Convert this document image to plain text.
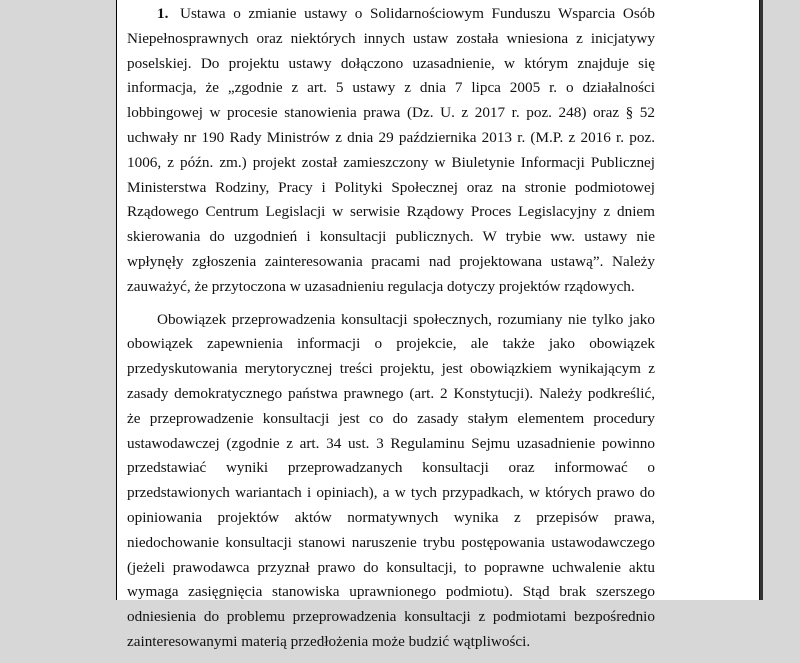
1. Ustawa o zmianie ustawy o Solidarnościowym Funduszu Wsparcia Osób Niepełnosprawnych oraz niektórych innych ustaw została wniesiona z inicjatywy poselskiej. Do projektu ustawy dołączono uzasadnienie, w którym znajduje się informacja, że „zgodnie z art. 5 ustawy z dnia 7 lipca 2005 r. o działalności lobbingowej w procesie stanowienia prawa (Dz. U. z 2017 r. poz. 248) oraz § 52 uchwały nr 190 Rady Ministrów z dnia 29 października 2013 r. (M.P. z 2016 r. poz. 1006, z późn. zm.) projekt został zamieszczony w Biuletynie Informacji Publicznej Ministerstwa Rodziny, Pracy i Polityki Społecznej oraz na stronie podmiotowej Rządowego Centrum Legislacji w serwisie Rządowy Proces Legislacyjny z dniem skierowania do uzgodnień i konsultacji publicznych. W trybie ww. ustawy nie wpłynęły zgłoszenia zainteresowania pracami nad projektowana ustawą”. Należy zauważyć, że przytoczona w uzasadnieniu regulacja dotyczy projektów rządowych.

Obowiązek przeprowadzenia konsultacji społecznych, rozumiany nie tylko jako obowiązek zapewnienia informacji o projekcie, ale także jako obowiązek przedyskutowania merytorycznej treści projektu, jest obowiązkiem wynikającym z zasady demokratycznego państwa prawnego (art. 2 Konstytucji). Należy podkreślić, że przeprowadzenie konsultacji jest co do zasady stałym elementem procedury ustawodawczej (zgodnie z art. 34 ust. 3 Regulaminu Sejmu uzasadnienie powinno przedstawiać wyniki przeprowadzanych konsultacji oraz informować o przedstawionych wariantach i opiniach), a w tych przypadkach, w których prawo do opiniowania projektów aktów normatywnych wynika z przepisów prawa, niedochowanie konsultacji stanowi naruszenie trybu postępowania ustawodawczego (jeżeli prawodawca przyznał prawo do konsultacji, to poprawne uchwalenie aktu wymaga zasięgnięcia stanowiska uprawnionego podmiotu). Stąd brak szerszego odniesienia do problemu przeprowadzenia konsultacji z podmiotami bezpośrednio zainteresowanymi materią przedłożenia może budzić wątpliwości.
